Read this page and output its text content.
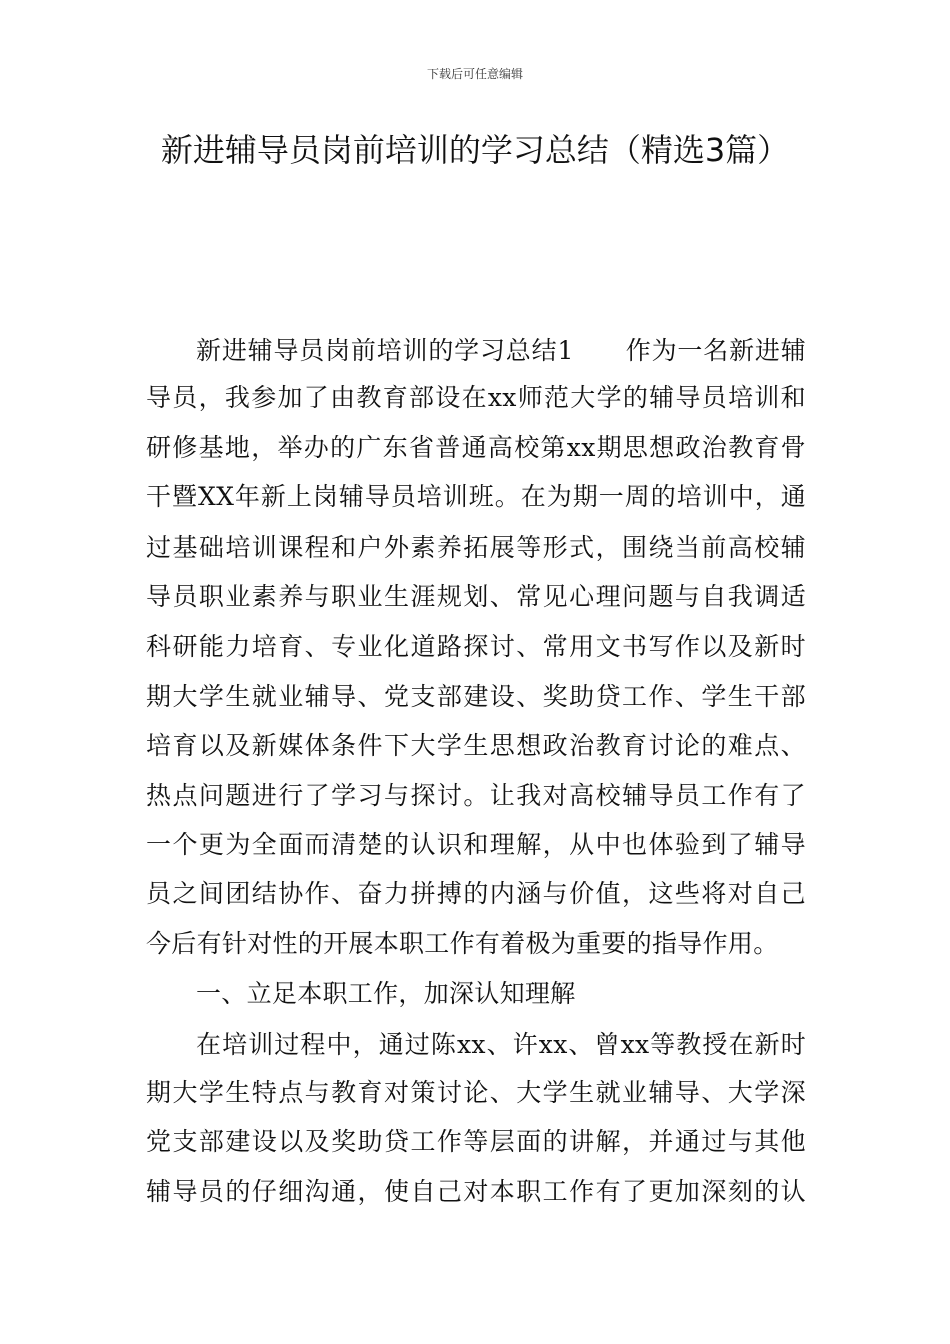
下载后可任意编辑
新进辅导员岗前培训的学习总结（精选3篇）
新进辅导员岗前培训的学习总结1　　作为一名新进辅
导员，我参加了由教育部设在xx师范大学的辅导员培训和
研修基地，举办的广东省普通高校第xx期思想政治教育骨
干暨XX年新上岗辅导员培训班。在为期一周的培训中，通
过基础培训课程和户外素养拓展等形式，围绕当前高校辅
导员职业素养与职业生涯规划、常见心理问题与自我调适
科研能力培育、专业化道路探讨、常用文书写作以及新时
期大学生就业辅导、党支部建设、奖助贷工作、学生干部
培育以及新媒体条件下大学生思想政治教育讨论的难点、
热点问题进行了学习与探讨。让我对高校辅导员工作有了
一个更为全面而清楚的认识和理解，从中也体验到了辅导
员之间团结协作、奋力拼搏的内涵与价值，这些将对自己
今后有针对性的开展本职工作有着极为重要的指导作用。
一、立足本职工作，加深认知理解
在培训过程中，通过陈xx、许xx、曾xx等教授在新时
期大学生特点与教育对策讨论、大学生就业辅导、大学深
党支部建设以及奖助贷工作等层面的讲解，并通过与其他
辅导员的仔细沟通，使自己对本职工作有了更加深刻的认
